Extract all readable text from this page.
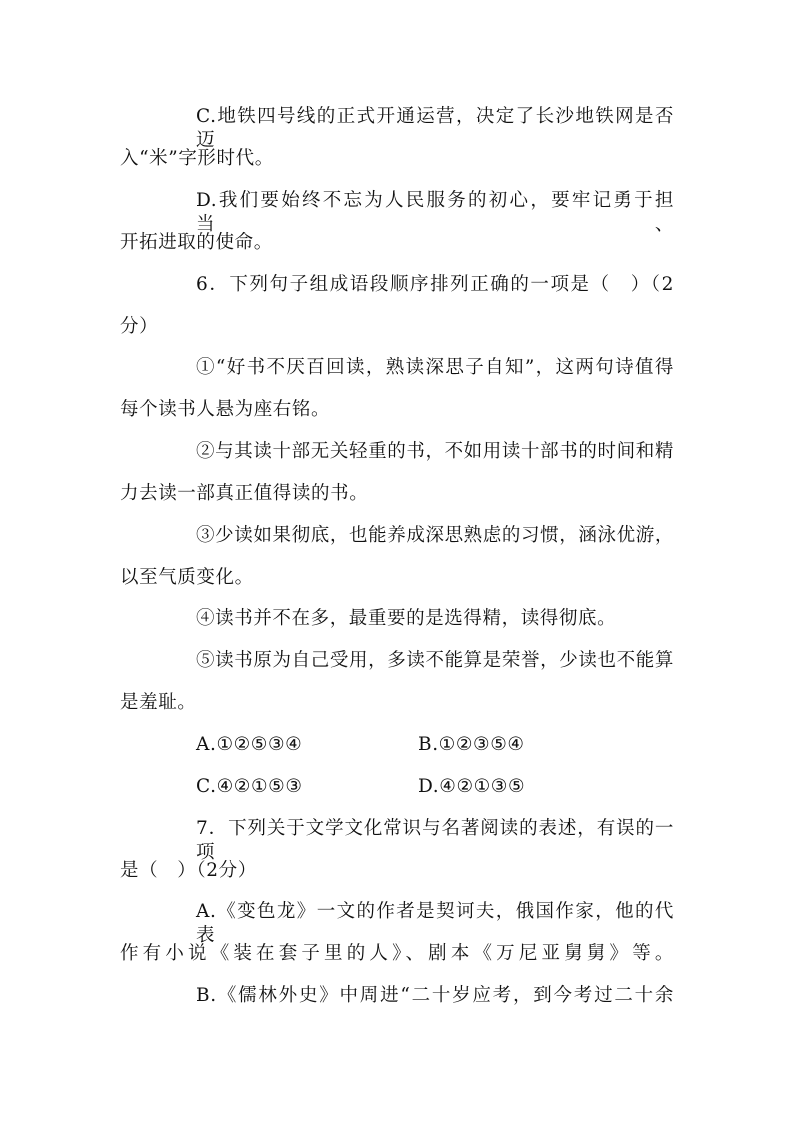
C.地铁四号线的正式开通运营，决定了长沙地铁网是否迈
入“米”字形时代。
D.我们要始终不忘为人民服务的初心，要牢记勇于担当、
开拓进取的使命。
6．下列句子组成语段顺序排列正确的一项是（　）（2
分）
①“好书不厌百回读，熟读深思子自知”，这两句诗值得
每个读书人悬为座右铭。
②与其读十部无关轻重的书，不如用读十部书的时间和精
力去读一部真正值得读的书。
③少读如果彻底，也能养成深思熟虑的习惯，涵泳优游，
以至气质变化。
④读书并不在多，最重要的是选得精，读得彻底。
⑤读书原为自己受用，多读不能算是荣誉，少读也不能算
是羞耻。
A.①②⑤③④	B.①②③⑤④
C.④②①⑤③	D.④②①③⑤
7．下列关于文学文化常识与名著阅读的表述，有误的一项
是（　）（2分）
A.《变色龙》一文的作者是契诃夫，俄国作家，他的代表
作有小说《装在套子里的人》、剧本《万尼亚舅舅》等。
B.《儒林外史》中周进“二十岁应考，到今考过二十余
